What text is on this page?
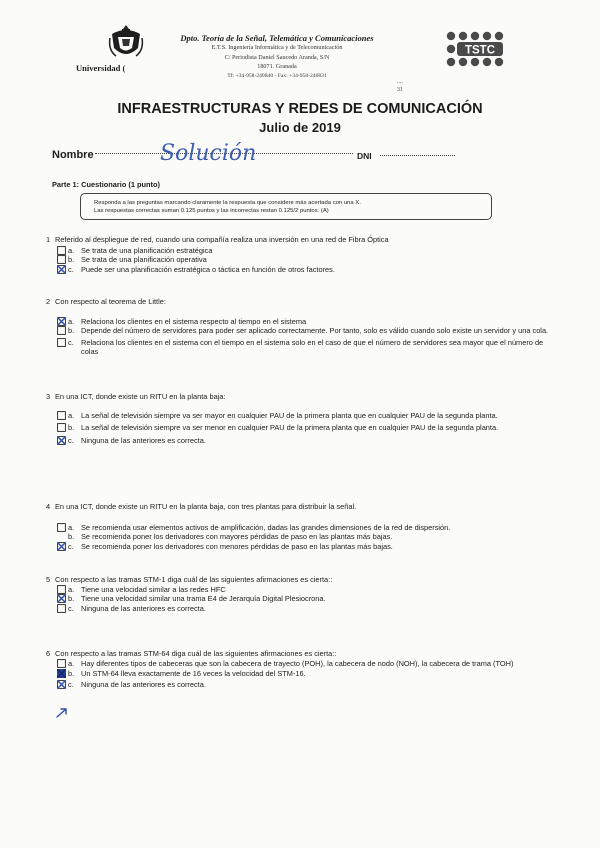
Universidad (
Dpto. Teoría de la Señal, Telemática y Comunicaciones
E.T.S. Ingeniería Informática y de Telecomunicación
C/ Periodista Daniel Saucedo Aranda, S/N
18071. Granada
Tf: +34-958-240840 - Fax: +34-958-240831
....
31
TSTC
INFRAESTRUCTURAS Y REDES DE COMUNICACIÓN
Julio de 2019
Nombre	Solución	DNI
Parte 1: Cuestionario (1 punto)
Responda a las preguntas marcando claramente la respuesta que considere más acertada con una X.
Las respuestas correctas suman 0.125 puntos y las incorrectas restan 0.125/2 puntos. (A)
1 Referido al despliegue de red, cuando una compañía realiza una inversión en una red de Fibra Óptica
a. Se trata de una planificación estratégica
b. Se trata de una planificación operativa
c. Puede ser una planificación estratégica o táctica en función de otros factores.
2 Con respecto al teorema de Little:
a. Relaciona los clientes en el sistema respecto al tiempo en el sistema
b. Depende del número de servidores para poder ser aplicado correctamente. Por tanto, solo es válido cuando solo existe un servidor y una cola.
c. Relaciona los clientes en el sistema con el tiempo en el sistema solo en el caso de que el número de servidores sea mayor que el número de colas
3 En una ICT, donde existe un RITU en la planta baja:
a. La señal de televisión siempre va ser mayor en cualquier PAU de la primera planta que en cualquier PAU de la segunda planta.
b. La señal de televisión siempre va ser menor en cualquier PAU de la primera planta que en cualquier PAU de la segunda planta.
c. Ninguna de las anteriores es correcta.
4 En una ICT, donde existe un RITU en la planta baja, con tres plantas para distribuir la señal.
a. Se recomienda usar elementos activos de amplificación, dadas las grandes dimensiones de la red de dispersión.
b. Se recomienda poner los derivadores con mayores pérdidas de paso en las plantas más bajas.
c. Se recomienda poner los derivadores con menores pérdidas de paso en las plantas más bajas.
5 Con respecto a las tramas STM-1 diga cuál de las siguientes afirmaciones es cierta::
a. Tiene una velocidad similar a las redes HFC
b. Tiene una velocidad similar una trama E4 de Jerarquía Digital Plesiocrona.
c. Ninguna de las anteriores es correcta.
6 Con respecto a las tramas STM-64 diga cuál de las siguientes afirmaciones es cierta::
a. Hay diferentes tipos de cabeceras que son la cabecera de trayecto (POH), la cabecera de nodo (NOH), la cabecera de trama (TOH)
b. Un STM-64 lleva exactamente de 16 veces la velocidad del STM-16.
c. Ninguna de las anteriores es correcta.
